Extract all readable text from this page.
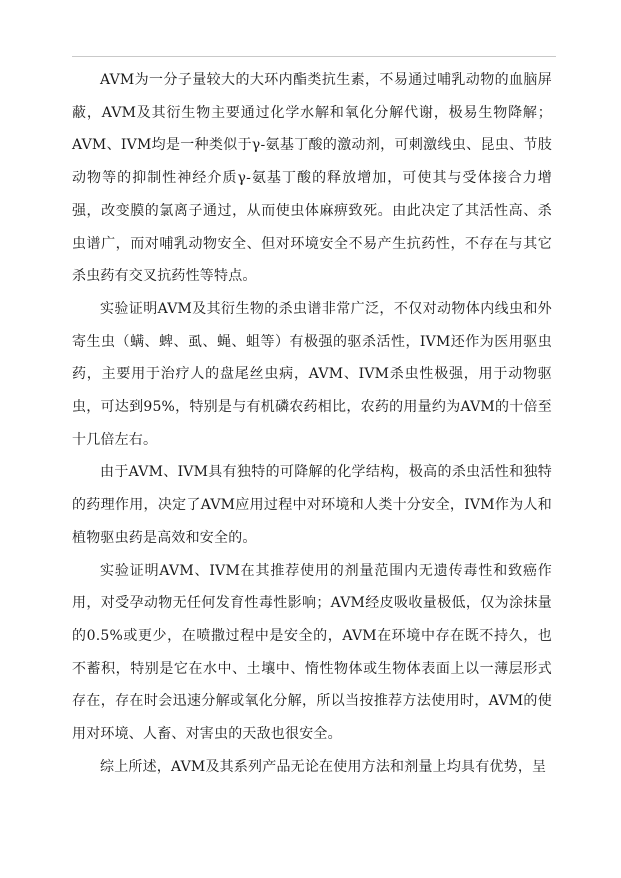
AVM为一分子量较大的大环内酯类抗生素，不易通过哺乳动物的血脑屏蔽，AVM及其衍生物主要通过化学水解和氧化分解代谢，极易生物降解；AVM、IVM均是一种类似于γ-氨基丁酸的激动剂，可刺激线虫、昆虫、节肢动物等的抑制性神经介质γ-氨基丁酸的释放增加，可使其与受体接合力增强，改变膜的氯离子通过，从而使虫体麻痹致死。由此决定了其活性高、杀虫谱广，而对哺乳动物安全、但对环境安全不易产生抗药性，不存在与其它杀虫药有交叉抗药性等特点。

实验证明AVM及其衍生物的杀虫谱非常广泛，不仅对动物体内线虫和外寄生虫（螨、蜱、虱、蝇、蛆等）有极强的驱杀活性，IVM还作为医用驱虫药，主要用于治疗人的盘尾丝虫病，AVM、IVM杀虫性极强，用于动物驱虫，可达到95%，特别是与有机磷农药相比，农药的用量约为AVM的十倍至十几倍左右。

由于AVM、IVM具有独特的可降解的化学结构，极高的杀虫活性和独特的药理作用，决定了AVM应用过程中对环境和人类十分安全，IVM作为人和植物驱虫药是高效和安全的。

实验证明AVM、IVM在其推荐使用的剂量范围内无遗传毒性和致癌作用，对受孕动物无任何发育性毒性影响；AVM经皮吸收量极低，仅为涂抹量的0.5%或更少，在喷撒过程中是安全的，AVM在环境中存在既不持久，也不蓄积，特别是它在水中、土壤中、惰性物体或生物体表面上以一薄层形式存在，存在时会迅速分解或氧化分解，所以当按推荐方法使用时，AVM的使用对环境、人畜、对害虫的天敌也很安全。

综上所述，AVM及其系列产品无论在使用方法和剂量上均具有优势，呈
